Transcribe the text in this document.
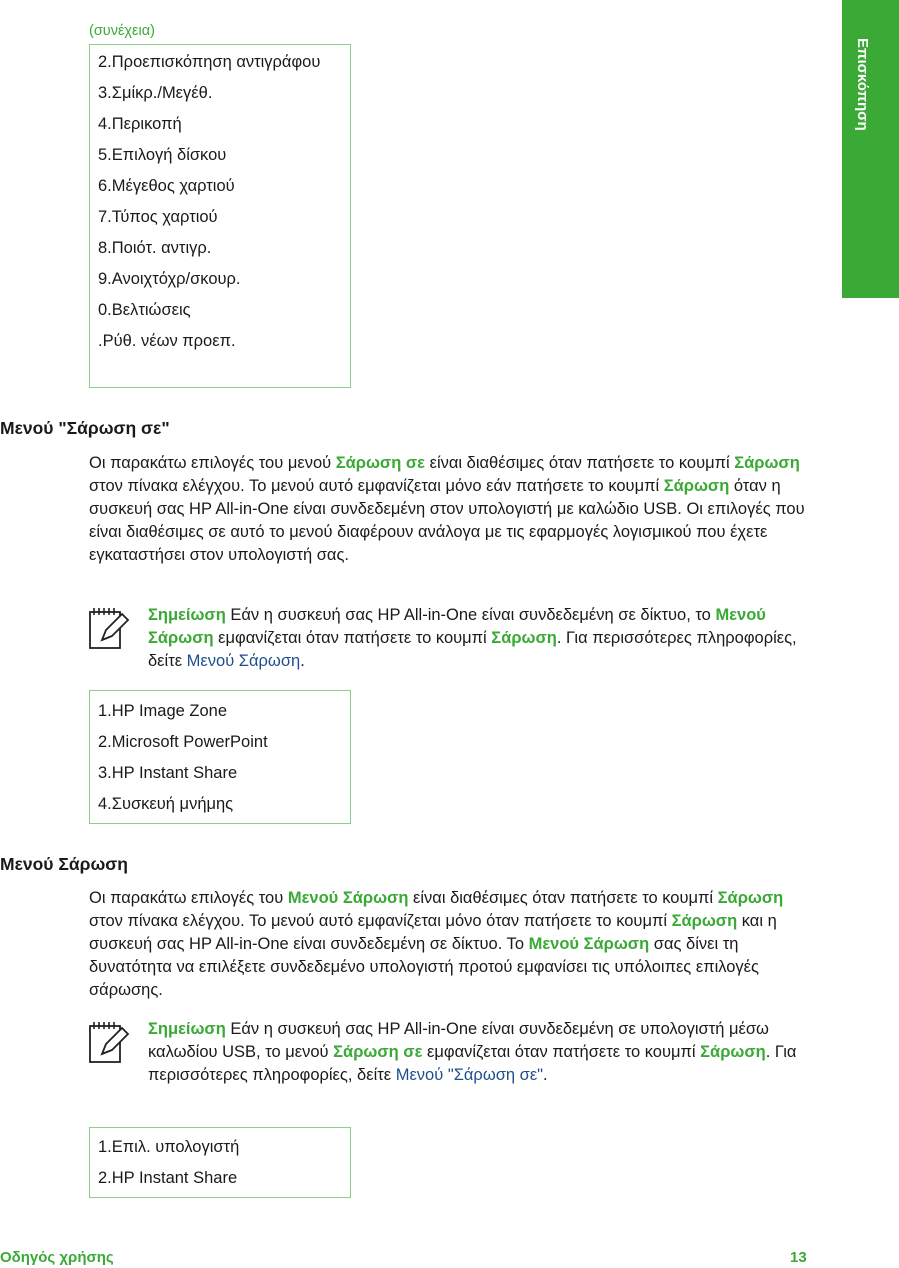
Επισκόπηση
(συνέχεια)
2.Προεπισκόπηση αντιγράφου
3.Σμίκρ./Μεγέθ.
4.Περικοπή
5.Επιλογή δίσκου
6.Μέγεθος χαρτιού
7.Τύπος χαρτιού
8.Ποιότ. αντιγρ.
9.Ανοιχτόχρ/σκουρ.
0.Βελτιώσεις
.Ρύθ. νέων προεπ.
Μενού "Σάρωση σε"
Οι παρακάτω επιλογές του μενού Σάρωση σε είναι διαθέσιμες όταν πατήσετε το κουμπί Σάρωση στον πίνακα ελέγχου. Το μενού αυτό εμφανίζεται μόνο εάν πατήσετε το κουμπί Σάρωση όταν η συσκευή σας HP All-in-One είναι συνδεδεμένη στον υπολογιστή με καλώδιο USB. Οι επιλογές που είναι διαθέσιμες σε αυτό το μενού διαφέρουν ανάλογα με τις εφαρμογές λογισμικού που έχετε εγκαταστήσει στον υπολογιστή σας.
Σημείωση Εάν η συσκευή σας HP All-in-One είναι συνδεδεμένη σε δίκτυο, το Μενού Σάρωση εμφανίζεται όταν πατήσετε το κουμπί Σάρωση. Για περισσότερες πληροφορίες, δείτε Μενού Σάρωση.
1.HP Image Zone
2.Microsoft PowerPoint
3.HP Instant Share
4.Συσκευή μνήμης
Μενού Σάρωση
Οι παρακάτω επιλογές του Μενού Σάρωση είναι διαθέσιμες όταν πατήσετε το κουμπί Σάρωση στον πίνακα ελέγχου. Το μενού αυτό εμφανίζεται μόνο όταν πατήσετε το κουμπί Σάρωση και η συσκευή σας HP All-in-One είναι συνδεδεμένη σε δίκτυο. Το Μενού Σάρωση σας δίνει τη δυνατότητα να επιλέξετε συνδεδεμένο υπολογιστή προτού εμφανίσει τις υπόλοιπες επιλογές σάρωσης.
Σημείωση Εάν η συσκευή σας HP All-in-One είναι συνδεδεμένη σε υπολογιστή μέσω καλωδίου USB, το μενού Σάρωση σε εμφανίζεται όταν πατήσετε το κουμπί Σάρωση. Για περισσότερες πληροφορίες, δείτε Μενού "Σάρωση σε".
1.Επιλ. υπολογιστή
2.HP Instant Share
Οδηγός χρήσης	13
